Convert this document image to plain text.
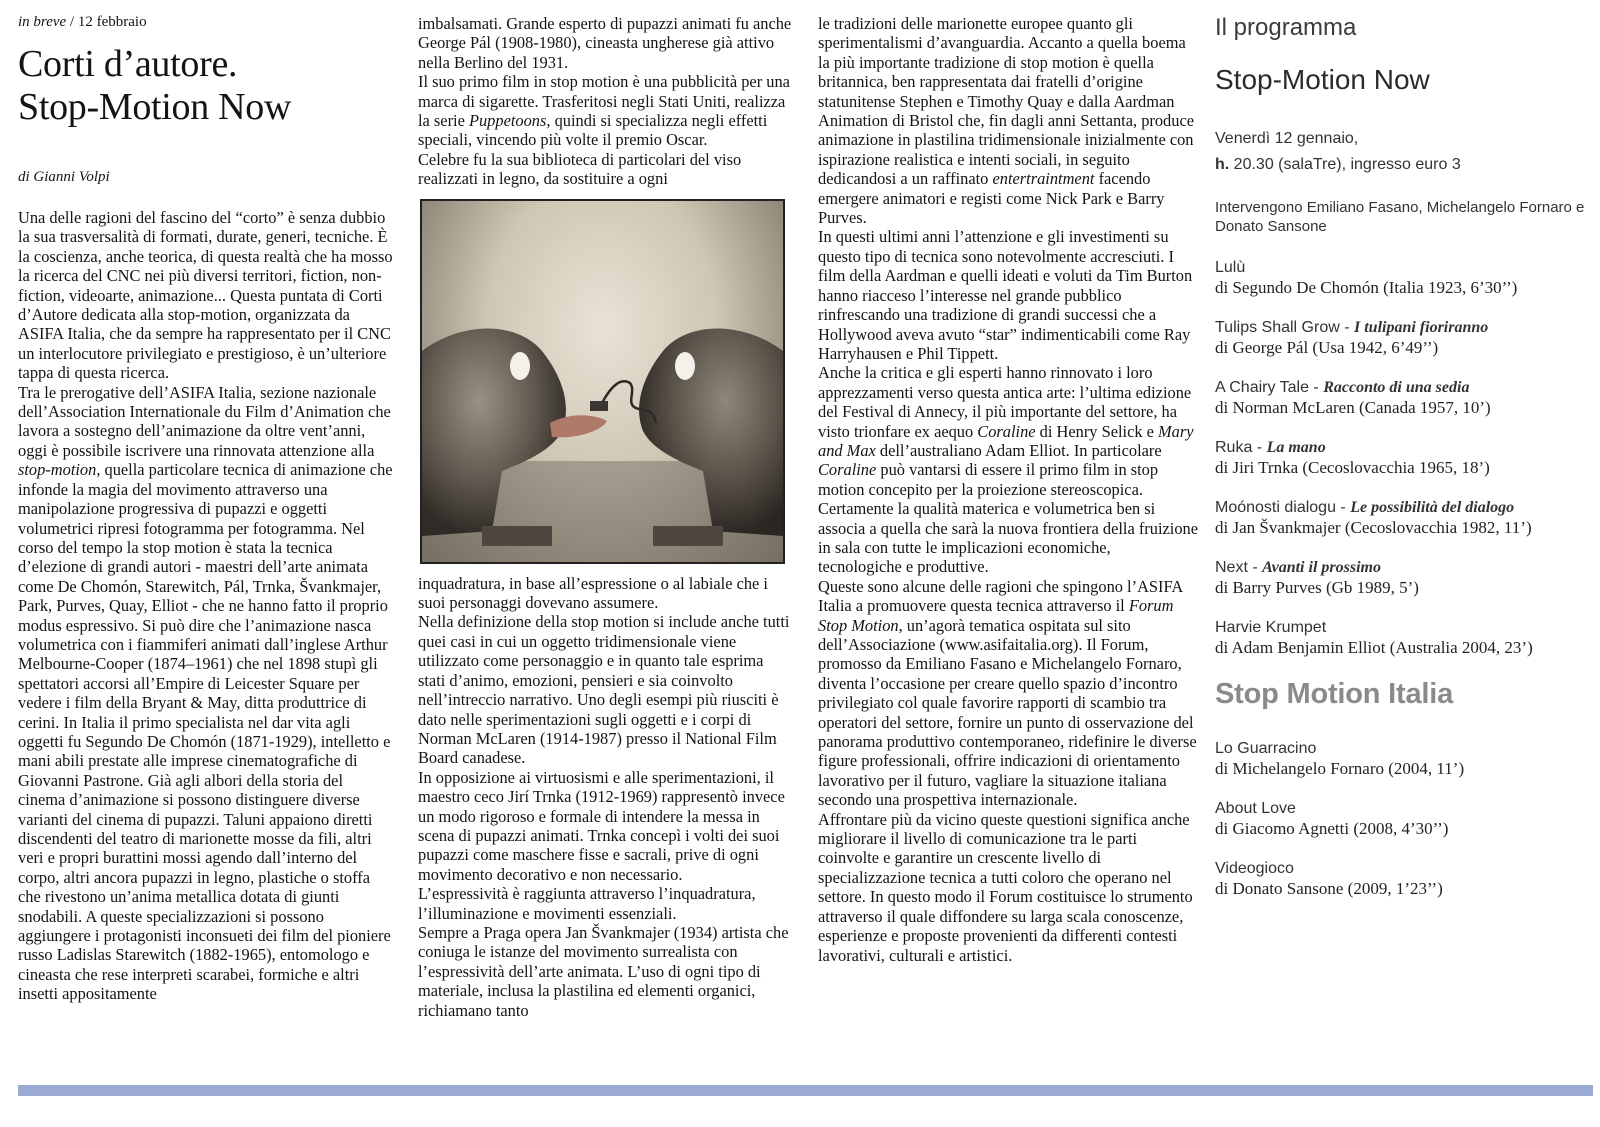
in breve / 12 febbraio
Corti d’autore.
Stop-Motion Now
di Gianni Volpi

Una delle ragioni del fascino del “corto” è senza dubbio la sua trasversalità di formati, durate, generi, tecniche. È la coscienza, anche teorica, di questa realtà che ha mosso la ricerca del CNC nei più diversi territori, fiction, non-fiction, videoarte, animazione... Questa puntata di Corti d’Autore dedicata alla stop-motion, organizzata da ASIFA Italia, che da sempre ha rappresentato per il CNC un interlocutore privilegiato e prestigioso, è un’ulteriore tappa di questa ricerca.

Tra le prerogative dell’ASIFA Italia, sezione nazionale dell’Association Internationale du Film d’Animation che lavora a sostegno dell’animazione da oltre vent’anni, oggi è possibile iscrivere una rinnovata attenzione alla stop-motion, quella particolare tecnica di animazione che infonde la magia del movimento attraverso una manipolazione progressiva di pupazzi e oggetti volumetrici ripresi fotogramma per fotogramma. Nel corso del tempo la stop motion è stata la tecnica d’elezione di grandi autori - maestri dell’arte animata come De Chomón, Starewitch, Pál, Trnka, Švankmajer, Park, Purves, Quay, Elliot - che ne hanno fatto il proprio modus espressivo. Si può dire che l’animazione nasca volumetrica con i fiammiferi animati dall’inglese Arthur Melbourne-Cooper (1874–1961) che nel 1898 stupì gli spettatori accorsi all’Empire di Leicester Square per vedere i film della Bryant & May, ditta produttrice di cerini. In Italia il primo specialista nel dar vita agli oggetti fu Segundo De Chomón (1871-1929), intelletto e mani abili prestate alle imprese cinematografiche di Giovanni Pastrone. Già agli albori della storia del cinema d’animazione si possono distinguere diverse varianti del cinema di pupazzi. Taluni appaiono diretti discendenti del teatro di marionette mosse da fili, altri veri e propri burattini mossi agendo dall’interno del corpo, altri ancora pupazzi in legno, plastiche o stoffa che rivestono un’anima metallica dotata di giunti snodabili. A queste specializzazioni si possono aggiungere i protagonisti inconsueti dei film del pioniere russo Ladislas Starewitch (1882-1965), entomologo e cineasta che rese interpreti scarabei, formiche e altri insetti appositamente

imbalsamati. Grande esperto di pupazzi animati fu anche George Pál (1908-1980), cineasta ungherese già attivo nella Berlino del 1931.

Il suo primo film in stop motion è una pubblicità per una marca di sigarette. Trasferitosi negli Stati Uniti, realizza la serie Puppetoons, quindi si specializza negli effetti speciali, vincendo più volte il premio Oscar.

Celebre fu la sua biblioteca di particolari del viso realizzati in legno, da sostituire a ogni

inquadratura, in base all’espressione o al labiale che i suoi personaggi dovevano assumere.

Nella definizione della stop motion si include anche tutti quei casi in cui un oggetto tridimensionale viene utilizzato come personaggio e in quanto tale esprima stati d’animo, emozioni, pensieri e sia coinvolto nell’intreccio narrativo. Uno degli esempi più riusciti è dato nelle sperimentazioni sugli oggetti e i corpi di Norman McLaren (1914-1987) presso il National Film Board canadese.

In opposizione ai virtuosismi e alle sperimentazioni, il maestro ceco Jirí Trnka (1912-1969) rappresentò invece un modo rigoroso e formale di intendere la messa in scena di pupazzi animati. Trnka concepì i volti dei suoi pupazzi come maschere fisse e sacrali, prive di ogni movimento decorativo e non necessario.

L’espressività è raggiunta attraverso l’inquadratura, l’illuminazione e movimenti essenziali.

Sempre a Praga opera Jan Švankmajer (1934) artista che coniuga le istanze del movimento surrealista con l’espressività dell’arte animata. L’uso di ogni tipo di materiale, inclusa la plastilina ed elementi organici, richiamano tanto

le tradizioni delle marionette europee quanto gli sperimentalismi d’avanguardia. Accanto a quella boema la più importante tradizione di stop motion è quella britannica, ben rappresentata dai fratelli d’origine statunitense Stephen e Timothy Quay e dalla Aardman Animation di Bristol che, fin dagli anni Settanta, produce animazione in plastilina tridimensionale inizialmente con ispirazione realistica e intenti sociali, in seguito dedicandosi a un raffinato entertraintment facendo emergere animatori e registi come Nick Park e Barry Purves.

In questi ultimi anni l’attenzione e gli investimenti su questo tipo di tecnica sono notevolmente accresciuti. I film della Aardman e quelli ideati e voluti da Tim Burton hanno riacceso l’interesse nel grande pubblico rinfrescando una tradizione di grandi successi che a Hollywood aveva avuto “star” indimenticabili come Ray Harryhausen e Phil Tippett.

Anche la critica e gli esperti hanno rinnovato i loro apprezzamenti verso questa antica arte: l’ultima edizione del Festival di Annecy, il più importante del settore, ha visto trionfare ex aequo Coraline di Henry Selick e Mary and Max dell’australiano Adam Elliot. In particolare Coraline può vantarsi di essere il primo film in stop motion concepito per la proiezione stereoscopica. Certamente la qualità materica e volumetrica ben si associa a quella che sarà la nuova frontiera della fruizione in sala con tutte le implicazioni economiche, tecnologiche e produttive.

Queste sono alcune delle ragioni che spingono l’ASIFA Italia a promuovere questa tecnica attraverso il Forum Stop Motion, un’agorà tematica ospitata sul sito dell’Associazione (www.asifaitalia.org). Il Forum, promosso da Emiliano Fasano e Michelangelo Fornaro, diventa l’occasione per creare quello spazio d’incontro privilegiato col quale favorire rapporti di scambio tra operatori del settore, fornire un punto di osservazione del panorama produttivo contemporaneo, ridefinire le diverse figure professionali, offrire indicazioni di orientamento lavorativo per il futuro, vagliare la situazione italiana secondo una prospettiva internazionale.

Affrontare più da vicino queste questioni significa anche migliorare il livello di comunicazione tra le parti coinvolte e garantire un crescente livello di specializzazione tecnica a tutti coloro che operano nel settore. In questo modo il Forum costituisce lo strumento attraverso il quale diffondere su larga scala conoscenze, esperienze e proposte provenienti da differenti contesti lavorativi, culturali e artistici.

Il programma
Stop-Motion Now
Venerdì 12 gennaio,
h. 20.30 (salaTre), ingresso euro 3
Intervengono Emiliano Fasano, Michelangelo Fornaro e Donato Sansone
Lulù
di Segundo De Chomón (Italia 1923, 6’30’’)
Tulips Shall Grow - I tulipani fioriranno
di George Pál (Usa 1942, 6’49’’)
A Chairy Tale - Racconto di una sedia
di Norman McLaren (Canada 1957, 10’)
Ruka - La mano
di Jiri Trnka (Cecoslovacchia 1965, 18’)
Moónosti dialogu - Le possibilità del dialogo
di Jan Švankmajer (Cecoslovacchia 1982, 11’)
Next - Avanti il prossimo
di Barry Purves (Gb 1989, 5’)
Harvie Krumpet
di Adam Benjamin Elliot (Australia 2004, 23’)
Stop Motion Italia
Lo Guarracino
di Michelangelo Fornaro (2004, 11’)
About Love
di Giacomo Agnetti (2008, 4’30’’)
Videogioco
di Donato Sansone (2009, 1’23’’)
